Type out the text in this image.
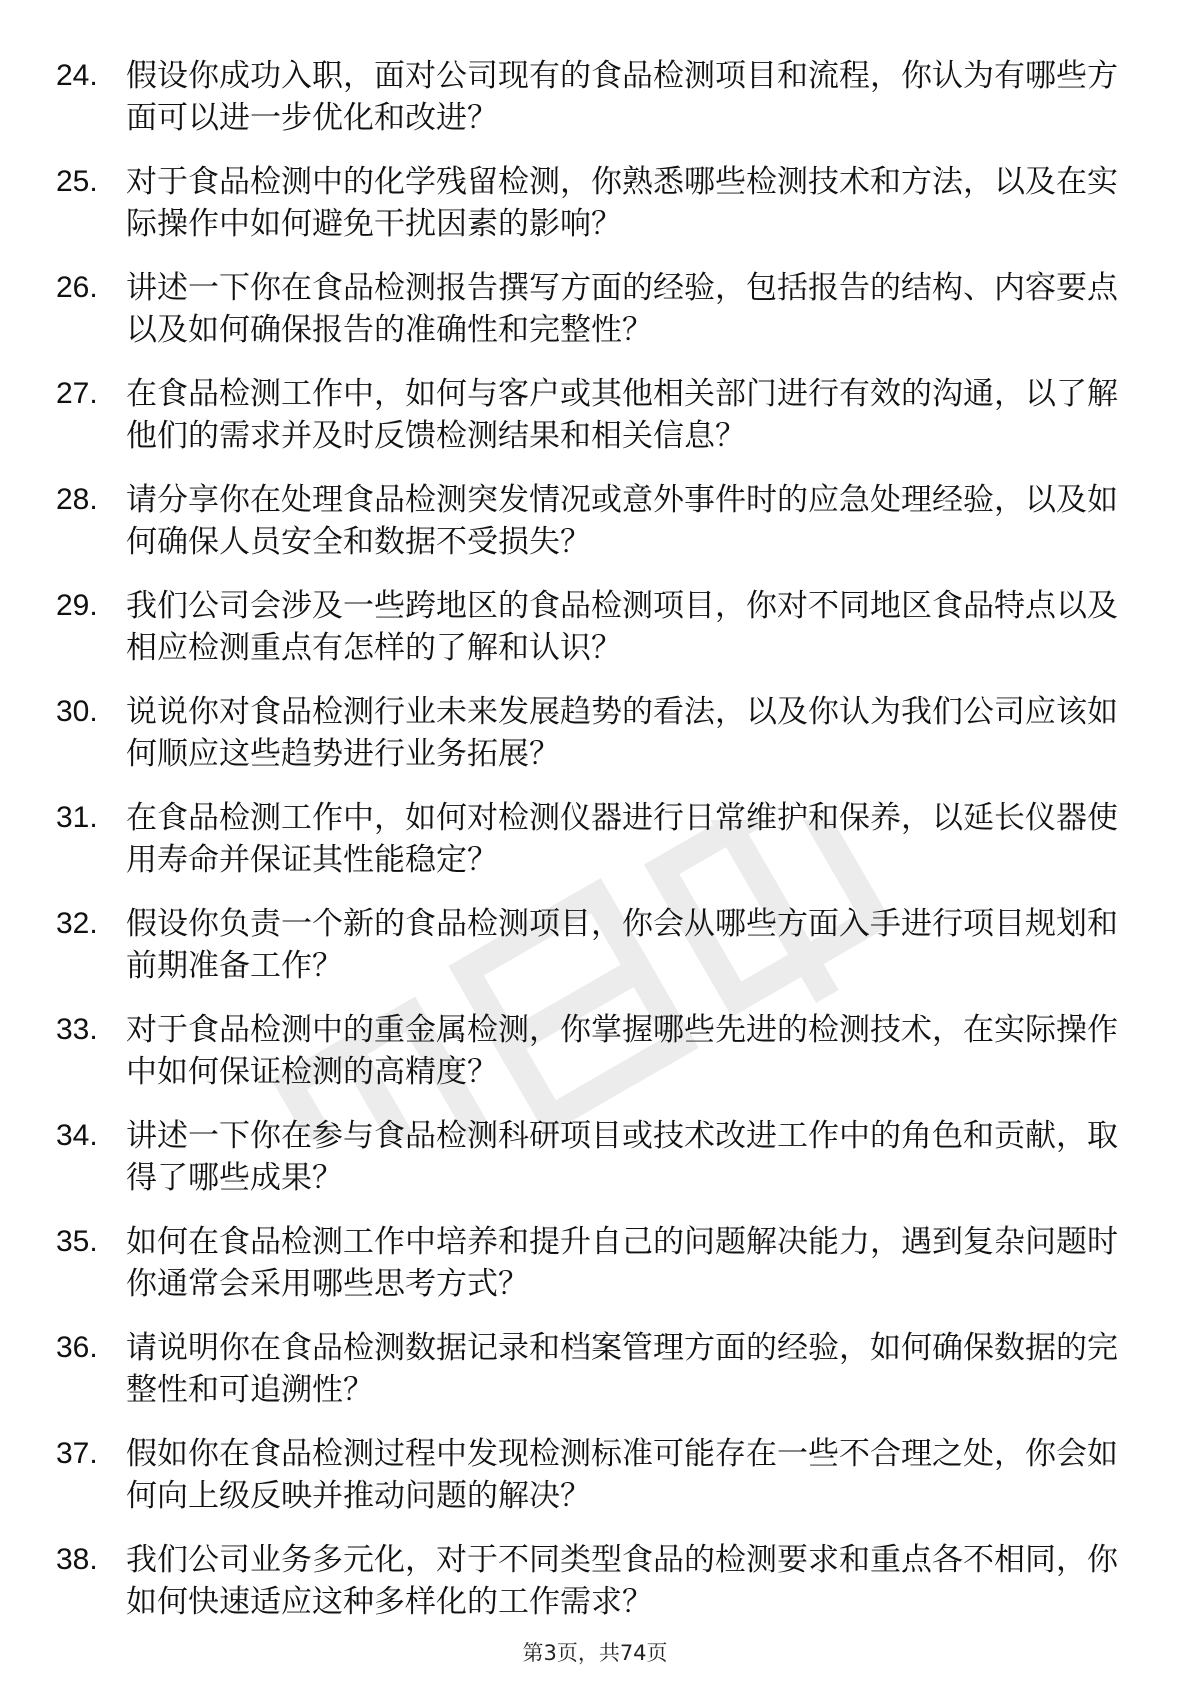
24. 假设你成功入职，面对公司现有的食品检测项目和流程，你认为有哪些方面可以进一步优化和改进？
25. 对于食品检测中的化学残留检测，你熟悉哪些检测技术和方法，以及在实际操作中如何避免干扰因素的影响？
26. 讲述一下你在食品检测报告撰写方面的经验，包括报告的结构、内容要点以及如何确保报告的准确性和完整性？
27. 在食品检测工作中，如何与客户或其他相关部门进行有效的沟通，以了解他们的需求并及时反馈检测结果和相关信息？
28. 请分享你在处理食品检测突发情况或意外事件时的应急处理经验，以及如何确保人员安全和数据不受损失？
29. 我们公司会涉及一些跨地区的食品检测项目，你对不同地区食品特点以及相应检测重点有怎样的了解和认识？
30. 说说你对食品检测行业未来发展趋势的看法，以及你认为我们公司应该如何顺应这些趋势进行业务拓展？
31. 在食品检测工作中，如何对检测仪器进行日常维护和保养，以延长仪器使用寿命并保证其性能稳定？
32. 假设你负责一个新的食品检测项目，你会从哪些方面入手进行项目规划和前期准备工作？
33. 对于食品检测中的重金属检测，你掌握哪些先进的检测技术，在实际操作中如何保证检测的高精度？
34. 讲述一下你在参与食品检测科研项目或技术改进工作中的角色和贡献，取得了哪些成果？
35. 如何在食品检测工作中培养和提升自己的问题解决能力，遇到复杂问题时你通常会采用哪些思考方式？
36. 请说明你在食品检测数据记录和档案管理方面的经验，如何确保数据的完整性和可追溯性？
37. 假如你在食品检测过程中发现检测标准可能存在一些不合理之处，你会如何向上级反映并推动问题的解决？
38. 我们公司业务多元化，对于不同类型食品的检测要求和重点各不相同，你如何快速适应这种多样化的工作需求？
第3页，共74页
